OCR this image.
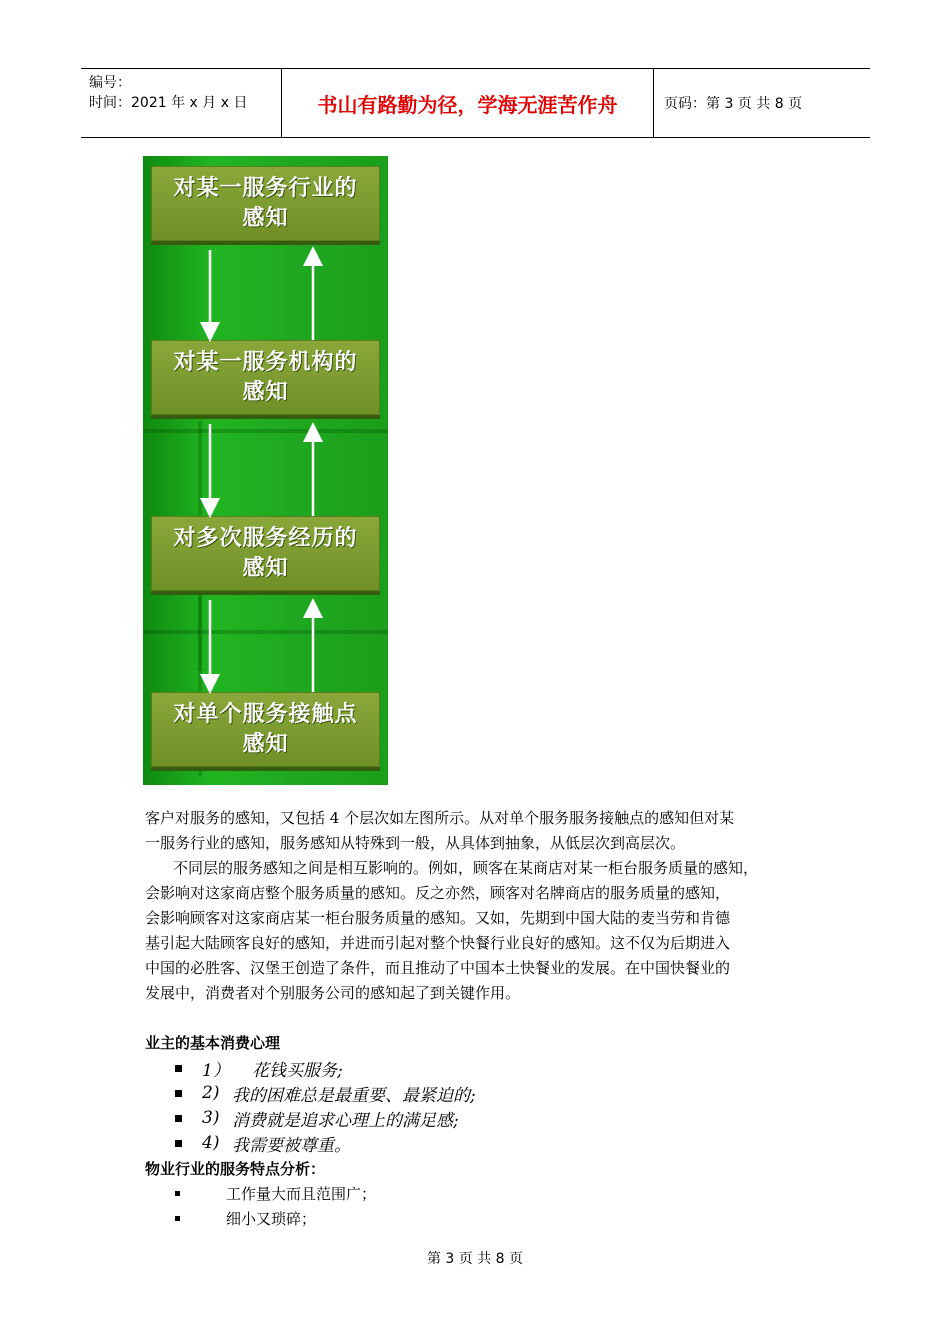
编号：
时间：2021 年 x 月 x 日	书山有路勤为径，学海无涯苦作舟	页码：第 3 页 共 8 页
对某一服务行业的
感知
对某一服务机构的
感知
对多次服务经历的
感知
对单个服务接触点
感知
客户对服务的感知，又包括 4 个层次如左图所示。从对单个服务服务接触点的感知但对某
一服务行业的感知，服务感知从特殊到一般，从具体到抽象，从低层次到高层次。
不同层的服务感知之间是相互影响的。例如，顾客在某商店对某一柜台服务质量的感知，
会影响对这家商店整个服务质量的感知。反之亦然，顾客对名牌商店的服务质量的感知，
会影响顾客对这家商店某一柜台服务质量的感知。又如，先期到中国大陆的麦当劳和肯德
基引起大陆顾客良好的感知，并进而引起对整个快餐行业良好的感知。这不仅为后期进入
中国的必胜客、汉堡王创造了条件，而且推动了中国本土快餐业的发展。在中国快餐业的
发展中，消费者对个别服务公司的感知起了到关键作用。
业主的基本消费心理
1）	花钱买服务;
2) 我的困难总是最重要、最紧迫的;
3) 消费就是追求心理上的满足感;
4) 我需要被尊重。
物业行业的服务特点分析：
工作量大而且范围广；
细小又琐碎；
第 3 页 共 8 页
